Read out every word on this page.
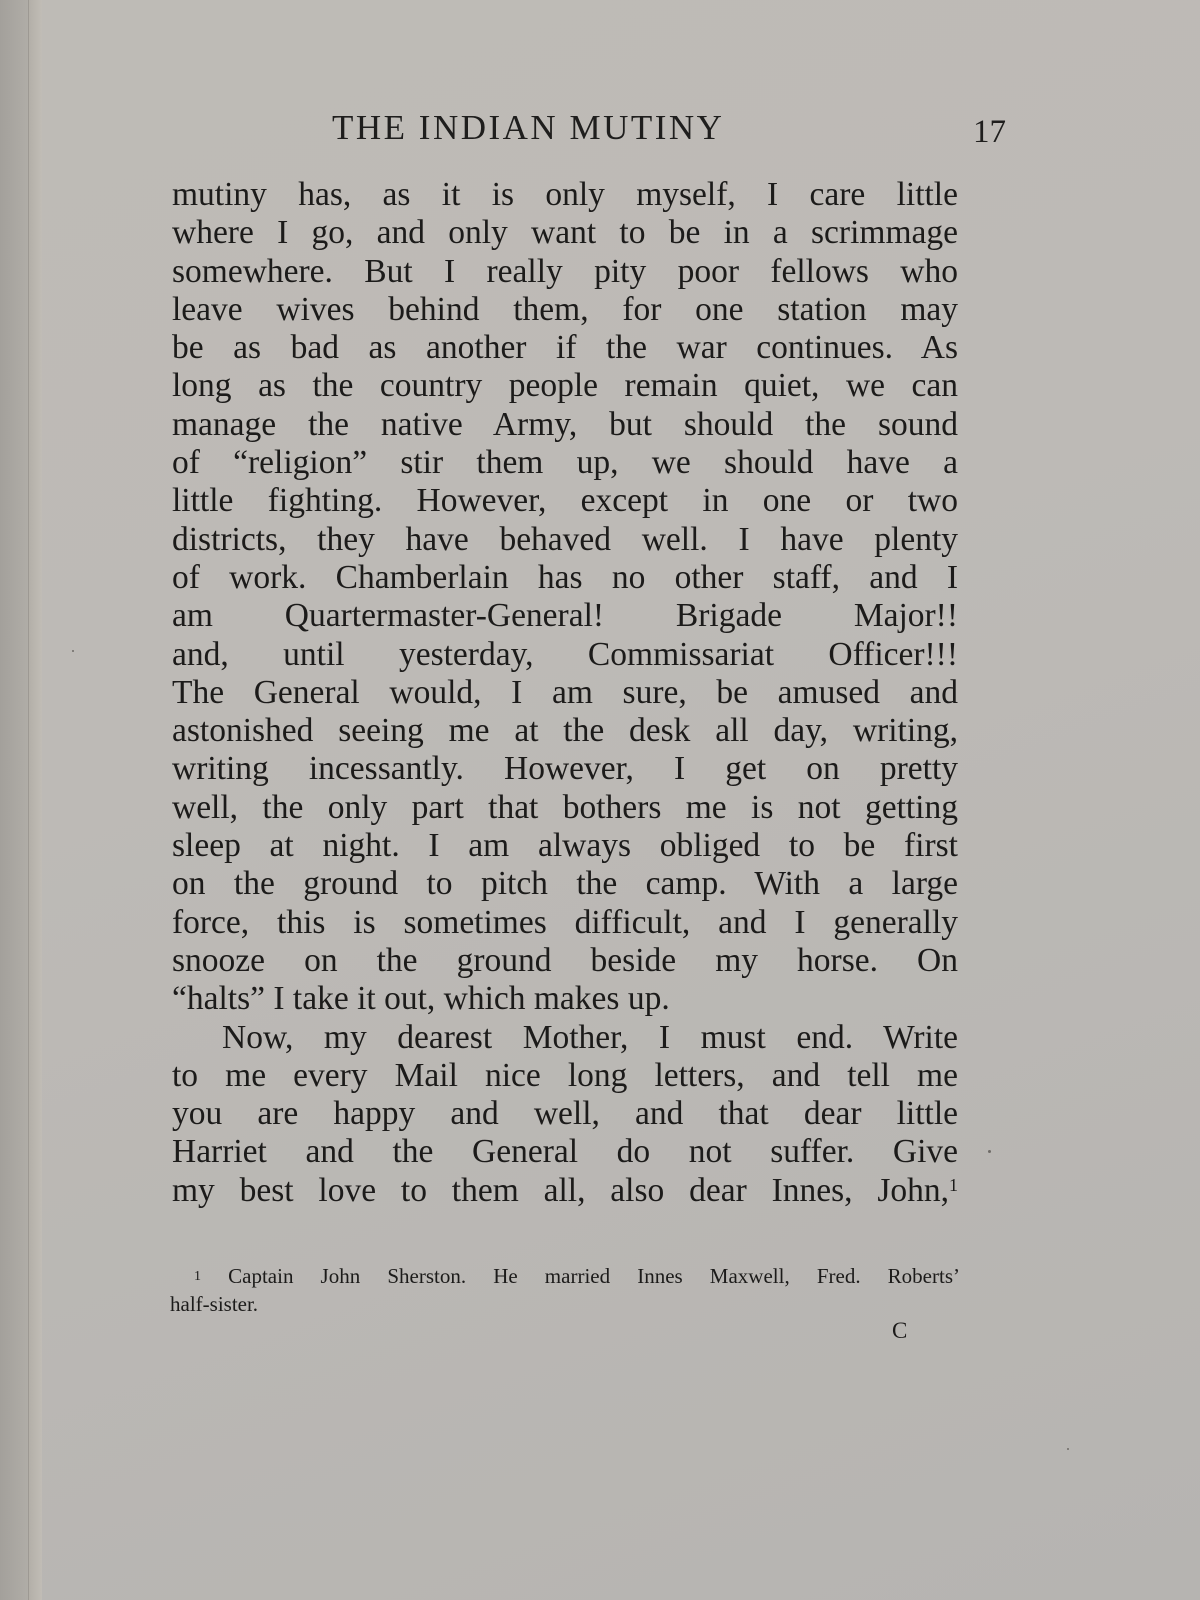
THE INDIAN MUTINY	17
mutiny has, as it is only myself, I care little
where I go, and only want to be in a scrimmage
somewhere. But I really pity poor fellows who
leave wives behind them, for one station may
be as bad as another if the war continues. As
long as the country people remain quiet, we can
manage the native Army, but should the sound
of “religion” stir them up, we should have a
little fighting. However, except in one or two
districts, they have behaved well. I have plenty
of work. Chamberlain has no other staff, and I
am Quartermaster-General! Brigade Major!!
and, until yesterday, Commissariat Officer!!!
The General would, I am sure, be amused and
astonished seeing me at the desk all day, writing,
writing incessantly. However, I get on pretty
well, the only part that bothers me is not getting
sleep at night. I am always obliged to be first
on the ground to pitch the camp. With a large
force, this is sometimes difficult, and I generally
snooze on the ground beside my horse. On
“halts” I take it out, which makes up.
Now, my dearest Mother, I must end. Write
to me every Mail nice long letters, and tell me
you are happy and well, and that dear little
Harriet and the General do not suffer. Give
my best love to them all, also dear Innes, John,$^1$
$^1$ Captain John Sherston. He married Innes Maxwell, Fred. Roberts’
half-sister.
C
